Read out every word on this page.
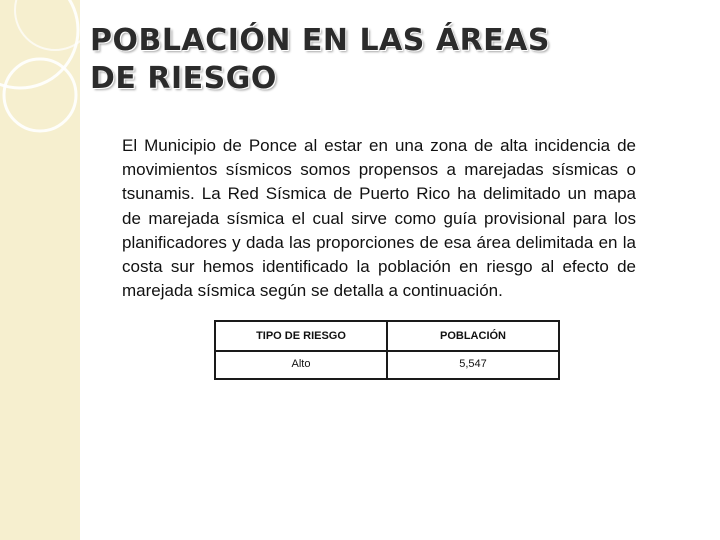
POBLACIÓN EN LAS ÁREAS
DE RIESGO
El Municipio de Ponce al estar en una zona de alta incidencia de movimientos sísmicos somos propensos a marejadas sísmicas o tsunamis. La Red Sísmica de Puerto Rico ha delimitado un mapa de marejada sísmica el cual sirve como guía provisional para los planificadores y dada las proporciones de esa área delimitada en la costa sur hemos identificado la población en riesgo al efecto de marejada sísmica según se detalla a continuación.
TIPO DE RIESGO	POBLACIÓN
Alto	5,547
